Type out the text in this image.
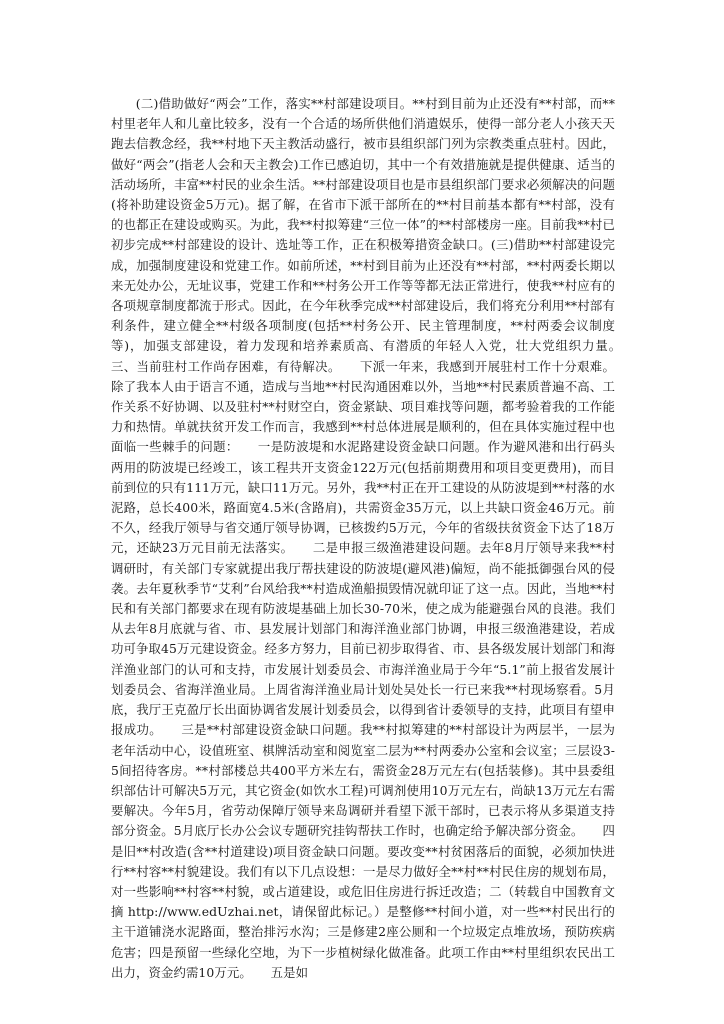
(二)借助做好“两会”工作，落实**村部建设项目。**村到目前为止还没有**村部，而**村里老年人和儿童比较多，没有一个合适的场所供他们消遣娱乐，使得一部分老人小孩天天跑去信教念经，我**村地下天主教活动盛行，被市县组织部门列为宗教类重点驻村。因此，做好“两会”(指老人会和天主教会)工作已感迫切，其中一个有效措施就是提供健康、适当的活动场所，丰富**村民的业余生活。**村部建设项目也是市县组织部门要求必须解决的问题(将补助建设资金5万元)。据了解，在省市下派干部所在的**村目前基本都有**村部，没有的也都正在建设或购买。为此，我**村拟筹建“三位一体”的**村部楼房一座。目前我**村已初步完成**村部建设的设计、选址等工作，正在积极筹措资金缺口。(三)借助**村部建设完成，加强制度建设和党建工作。如前所述，**村到目前为止还没有**村部，**村两委长期以来无处办公，无址议事，党建工作和**村务公开工作等等都无法正常进行，使我**村应有的各项规章制度都流于形式。因此，在今年秋季完成**村部建设后，我们将充分利用**村部有利条件，建立健全**村级各项制度(包括**村务公开、民主管理制度，**村两委会议制度等)，加强支部建设，着力发现和培养素质高、有潜质的年轻人入党，壮大党组织力量。　　三、当前驻村工作尚存困难，有待解决。　　下派一年来，我感到开展驻村工作十分艰难。除了我本人由于语言不通，造成与当地**村民沟通困难以外，当地**村民素质普遍不高、工作关系不好协调、以及驻村**村财空白，资金紧缺、项目难找等问题，都考验着我的工作能力和热情。单就扶贫开发工作而言，我感到**村总体进展是顺利的，但在具体实施过程中也面临一些棘手的问题：　　一是防波堤和水泥路建设资金缺口问题。作为避风港和出行码头两用的防波堤已经竣工，该工程共开支资金122万元(包括前期费用和项目变更费用)，而目前到位的只有111万元，缺口11万元。另外，我**村正在开工建设的从防波堤到**村落的水泥路，总长400米，路面宽4.5米(含路肩)，共需资金35万元，以上共缺口资金46万元。前不久，经我厅领导与省交通厅领导协调，已核拨约5万元，今年的省级扶贫资金下达了18万元，还缺23万元目前无法落实。　　二是申报三级渔港建设问题。去年8月厅领导来我**村调研时，有关部门专家就提出我厅帮扶建设的防波堤(避风港)偏短，尚不能抵御强台风的侵袭。去年夏秋季节“艾利”台风给我**村造成渔船损毁情况就印证了这一点。因此，当地**村民和有关部门都要求在现有防波堤基础上加长30-70米，使之成为能避强台风的良港。我们从去年8月底就与省、市、县发展计划部门和海洋渔业部门协调，申报三级渔港建设，若成功可争取45万元建设资金。经多方努力，目前已初步取得省、市、县各级发展计划部门和海洋渔业部门的认可和支持，市发展计划委员会、市海洋渔业局于今年“5.1”前上报省发展计划委员会、省海洋渔业局。上周省海洋渔业局计划处吴处长一行已来我**村现场察看。5月底，我厅王克盈厅长出面协调省发展计划委员会，以得到省计委领导的支持，此项目有望申报成功。　　三是**村部建设资金缺口问题。我**村拟筹建的**村部设计为两层半，一层为老年活动中心，设值班室、棋牌活动室和阅览室二层为**村两委办公室和会议室；三层设3-5间招待客房。**村部楼总共400平方米左右，需资金28万元左右(包括装修)。其中县委组织部估计可解决5万元，其它资金(如饮水工程)可调剂使用10万元左右，尚缺13万元左右需要解决。今年5月，省劳动保障厅领导来岛调研并看望下派干部时，已表示将从多渠道支持部分资金。5月底厅长办公会议专题研究挂钩帮扶工作时，也确定给予解决部分资金。　　四是旧**村改造(含**村道建设)项目资金缺口问题。要改变**村贫困落后的面貌，必须加快进行**村容**村貌建设。我们有以下几点设想：一是尽力做好全**村**村民住房的规划布局，对一些影响**村容**村貌，或占道建设，或危旧住房进行拆迁改造；二（转载自中国教育文摘 http://www.edUzhai.net，请保留此标记。）是整修**村间小道，对一些**村民出行的主干道铺浇水泥路面，整治排污水沟；三是修建2座公厕和一个垃圾定点堆放场，预防疾病危害；四是预留一些绿化空地，为下一步植树绿化做准备。此项工作由**村里组织农民出工出力，资金约需10万元。　　五是如
